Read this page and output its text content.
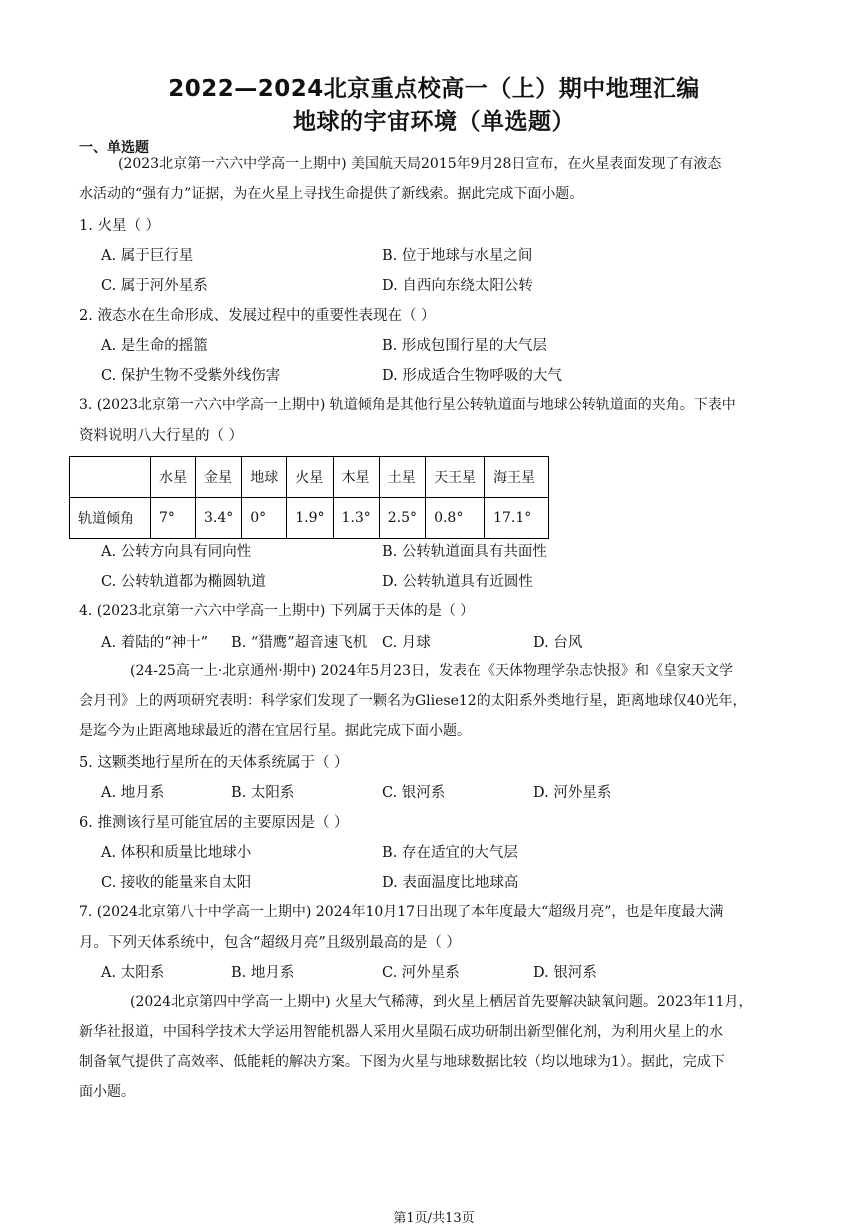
2022—2024北京重点校高一（上）期中地理汇编
地球的宇宙环境（单选题）
一、单选题
(2023北京第一六六中学高一上期中) 美国航天局2015年9月28日宣布，在火星表面发现了有液态
水活动的“强有力”证据，为在火星上寻找生命提供了新线索。据此完成下面小题。
1. 火星（ ）
A. 属于巨行星	B. 位于地球与水星之间
C. 属于河外星系	D. 自西向东绕太阳公转
2. 液态水在生命形成、发展过程中的重要性表现在（ ）
A. 是生命的摇篮	B. 形成包围行星的大气层
C. 保护生物不受紫外线伤害	D. 形成适合生物呼吸的大气
3. (2023北京第一六六中学高一上期中) 轨道倾角是其他行星公转轨道面与地球公转轨道面的夹角。下表中
资料说明八大行星的（ ）
	水星	金星	地球	火星	木星	土星	天王星	海王星
轨道倾角	7°	3.4°	0°	1.9°	1.3°	2.5°	0.8°	17.1°
A. 公转方向具有同向性	B. 公转轨道面具有共面性
C. 公转轨道都为椭圆轨道	D. 公转轨道具有近圆性
4. (2023北京第一六六中学高一上期中) 下列属于天体的是（ ）
A. 着陆的“神十” B. “猎鹰”超音速飞机 C. 月球	D. 台风
(24-25高一上·北京通州·期中) 2024年5月23日，发表在《天体物理学杂志快报》和《皇家天文学
会月刊》上的两项研究表明：科学家们发现了一颗名为Gliese12的太阳系外类地行星，距离地球仅40光年，
是迄今为止距离地球最近的潜在宜居行星。据此完成下面小题。
5. 这颗类地行星所在的天体系统属于（ ）
A. 地月系	B. 太阳系	C. 银河系	D. 河外星系
6. 推测该行星可能宜居的主要原因是（ ）
A. 体积和质量比地球小	B. 存在适宜的大气层
C. 接收的能量来自太阳	D. 表面温度比地球高
7. (2024北京第八十中学高一上期中) 2024年10月17日出现了本年度最大“超级月亮”，也是年度最大满
月。下列天体系统中，包含“超级月亮”且级别最高的是（ ）
A. 太阳系	B. 地月系	C. 河外星系	D. 银河系
(2024北京第四中学高一上期中) 火星大气稀薄，到火星上栖居首先要解决缺氧问题。2023年11月，
新华社报道，中国科学技术大学运用智能机器人采用火星陨石成功研制出新型催化剂，为利用火星上的水
制备氧气提供了高效率、低能耗的解决方案。下图为火星与地球数据比较（均以地球为1）。据此，完成下
面小题。
第1页/共13页
